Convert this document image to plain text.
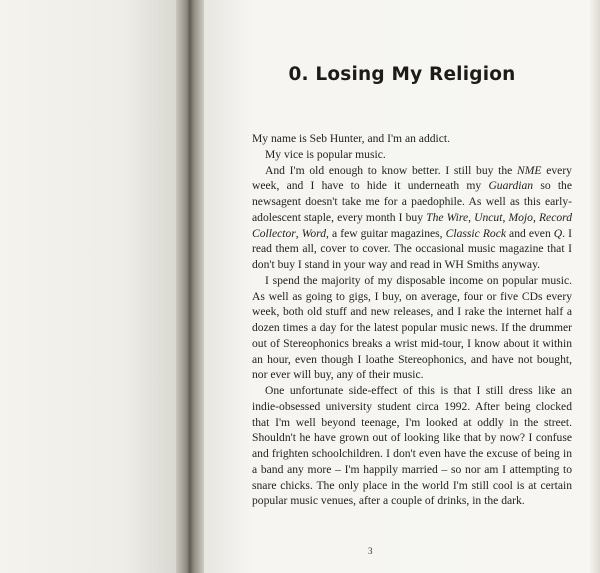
0. Losing My Religion

My name is Seb Hunter, and I'm an addict.

My vice is popular music.

And I'm old enough to know better. I still buy the NME every week, and I have to hide it underneath my Guardian so the newsagent doesn't take me for a paedophile. As well as this early-adolescent staple, every month I buy The Wire, Uncut, Mojo, Record Collector, Word, a few guitar magazines, Classic Rock and even Q. I read them all, cover to cover. The occasional music magazine that I don't buy I stand in your way and read in WH Smiths anyway.

I spend the majority of my disposable income on popular music. As well as going to gigs, I buy, on average, four or five CDs every week, both old stuff and new releases, and I rake the internet half a dozen times a day for the latest popular music news. If the drummer out of Stereophonics breaks a wrist mid-tour, I know about it within an hour, even though I loathe Stereophonics, and have not bought, nor ever will buy, any of their music.

One unfortunate side-effect of this is that I still dress like an indie-obsessed university student circa 1992. After being clocked that I'm well beyond teenage, I'm looked at oddly in the street. Shouldn't he have grown out of looking like that by now? I confuse and frighten schoolchildren. I don't even have the excuse of being in a band any more – I'm happily married – so nor am I attempting to snare chicks. The only place in the world I'm still cool is at certain popular music venues, after a couple of drinks, in the dark.

3
